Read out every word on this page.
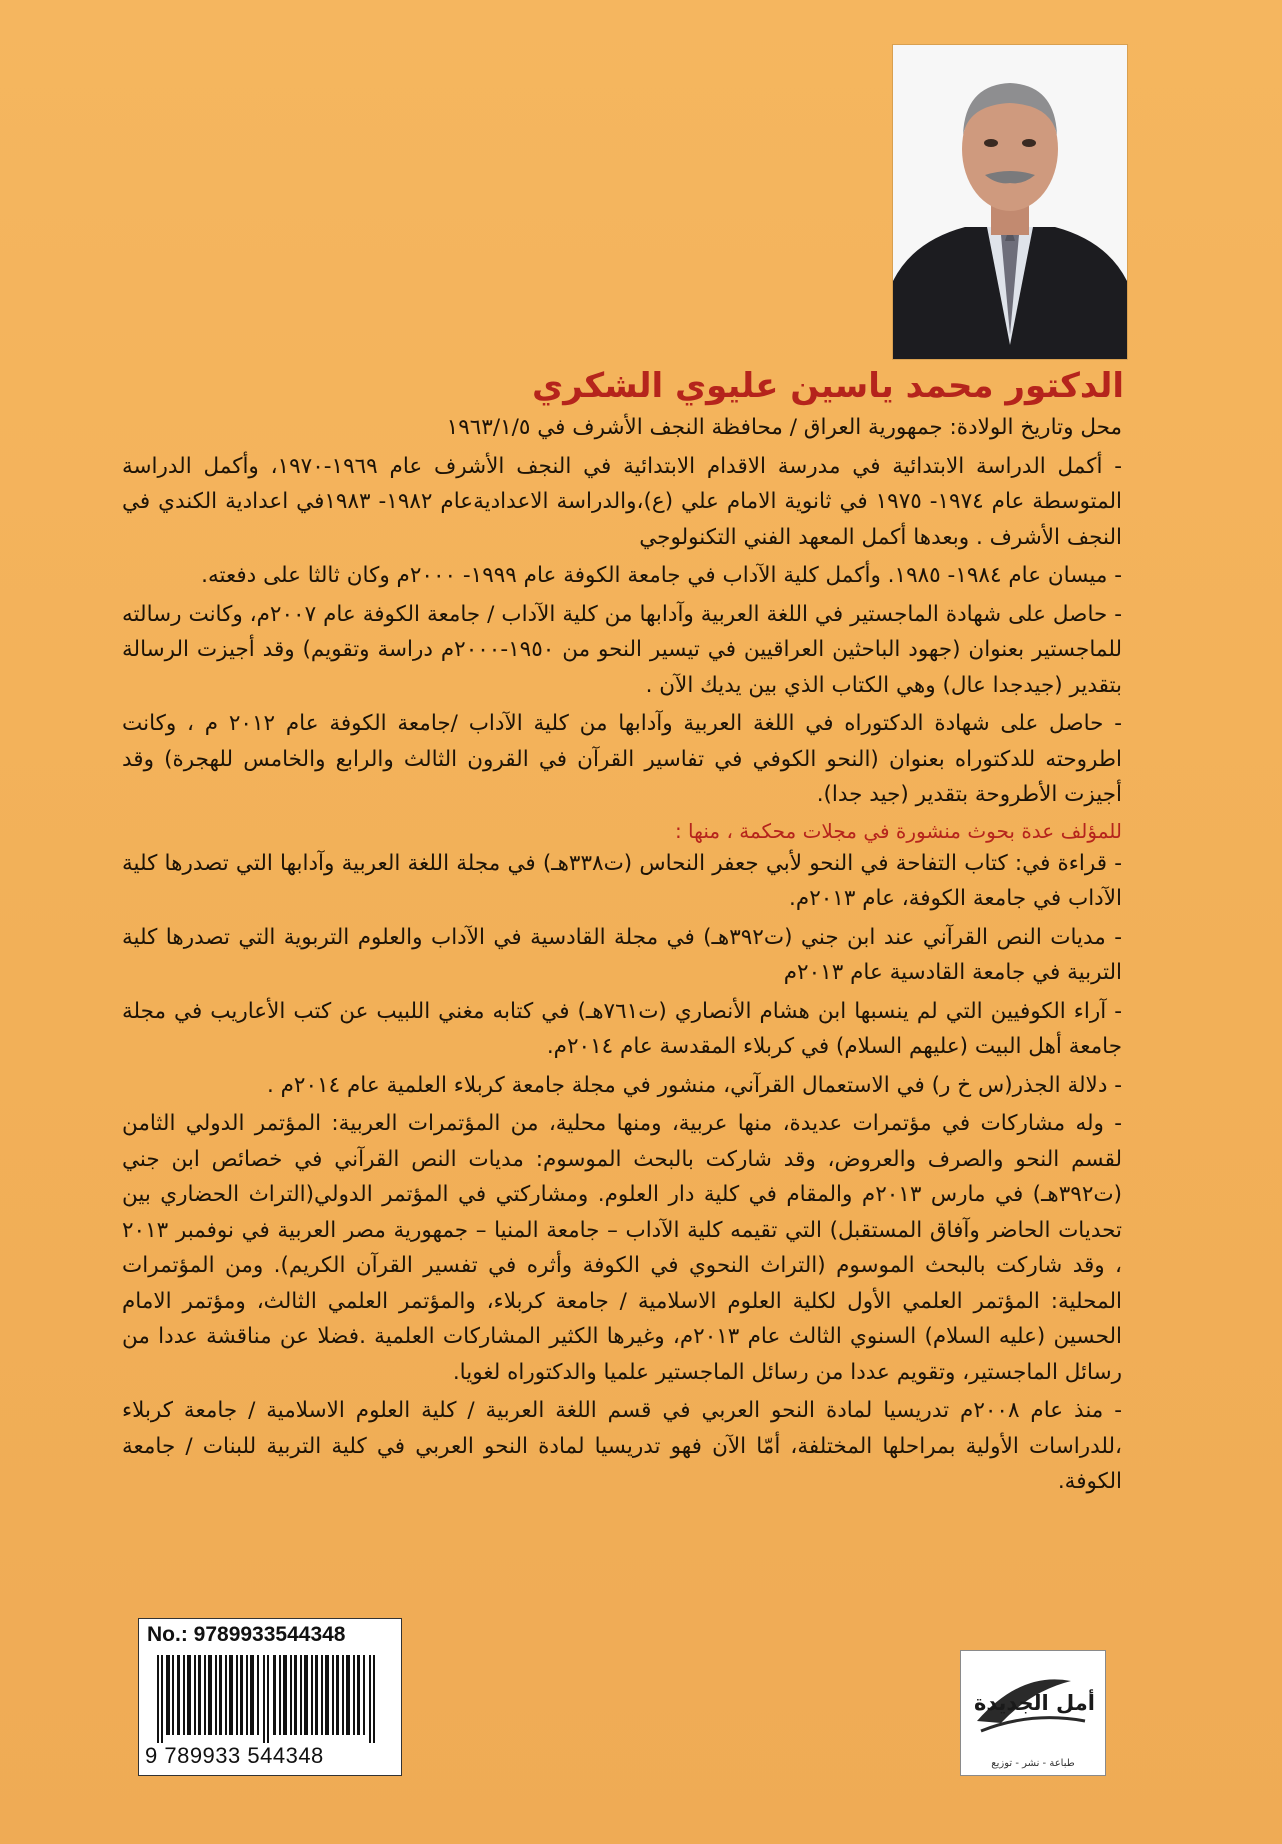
الدكتور محمد ياسين عليوي الشكري

محل وتاريخ الولادة: جمهورية العراق / محافظة النجف الأشرف في ١٩٦٣/١/٥

- أكمل الدراسة الابتدائية في مدرسة الاقدام الابتدائية في النجف الأشرف عام ١٩٦٩-١٩٧٠، وأكمل الدراسة المتوسطة عام ١٩٧٤- ١٩٧٥ في ثانوية الامام علي (ع)،والدراسة الاعداديةعام ١٩٨٢- ١٩٨٣في اعدادية الكندي في النجف الأشرف . وبعدها أكمل المعهد الفني التكنولوجي

- ميسان عام ١٩٨٤- ١٩٨٥. وأكمل كلية الآداب في جامعة الكوفة عام ١٩٩٩- ٢٠٠٠م وكان ثالثا على دفعته.

- حاصل على شهادة الماجستير في اللغة العربية وآدابها من كلية الآداب / جامعة الكوفة عام ٢٠٠٧م، وكانت رسالته للماجستير بعنوان (جهود الباحثين العراقيين في تيسير النحو من ١٩٥٠-٢٠٠٠م دراسة وتقويم) وقد أجيزت الرسالة بتقدير (جيدجدا عال) وهي الكتاب الذي بين يديك الآن .

- حاصل على شهادة الدكتوراه في اللغة العربية وآدابها من كلية الآداب /جامعة الكوفة عام ٢٠١٢ م ، وكانت اطروحته للدكتوراه بعنوان (النحو الكوفي في تفاسير القرآن في القرون الثالث والرابع والخامس للهجرة) وقد أجيزت الأطروحة بتقدير (جيد جدا).

للمؤلف عدة بحوث منشورة في مجلات محكمة ، منها :

- قراءة في: كتاب التفاحة في النحو لأبي جعفر النحاس (ت٣٣٨هـ) في مجلة اللغة العربية وآدابها التي تصدرها كلية الآداب في جامعة الكوفة، عام ٢٠١٣م.

- مديات النص القرآني عند ابن جني (ت٣٩٢هـ) في مجلة القادسية في الآداب والعلوم التربوية التي تصدرها كلية التربية في جامعة القادسية عام ٢٠١٣م

- آراء الكوفيين التي لم ينسبها ابن هشام الأنصاري (ت٧٦١هـ) في كتابه مغني اللبيب عن كتب الأعاريب في مجلة جامعة أهل البيت (عليهم السلام) في كربلاء المقدسة عام ٢٠١٤م.

- دلالة الجذر(س خ ر) في الاستعمال القرآني، منشور في مجلة جامعة كربلاء العلمية عام ٢٠١٤م .

- وله مشاركات في مؤتمرات عديدة، منها عربية، ومنها محلية، من المؤتمرات العربية: المؤتمر الدولي الثامن لقسم النحو والصرف والعروض، وقد شاركت بالبحث الموسوم: مديات النص القرآني في خصائص ابن جني (ت٣٩٢هـ) في مارس ٢٠١٣م والمقام في كلية دار العلوم. ومشاركتي في المؤتمر الدولي(التراث الحضاري بين تحديات الحاضر وآفاق المستقبل) التي تقيمه كلية الآداب – جامعة المنيا – جمهورية مصر العربية في نوفمبر ٢٠١٣ ، وقد شاركت بالبحث الموسوم (التراث النحوي في الكوفة وأثره في تفسير القرآن الكريم). ومن المؤتمرات المحلية: المؤتمر العلمي الأول لكلية العلوم الاسلامية / جامعة كربلاء، والمؤتمر العلمي الثالث، ومؤتمر الامام الحسين (عليه السلام) السنوي الثالث عام ٢٠١٣م، وغيرها الكثير المشاركات العلمية .فضلا عن مناقشة عددا من رسائل الماجستير، وتقويم عددا من رسائل الماجستير علميا والدكتوراه لغويا.

- منذ عام ٢٠٠٨م تدريسيا لمادة النحو العربي في قسم اللغة العربية / كلية العلوم الاسلامية / جامعة كربلاء ،للدراسات الأولية بمراحلها المختلفة، أمّا الآن فهو تدريسيا لمادة النحو العربي في كلية التربية للبنات / جامعة الكوفة.

No.: 9789933544348
9 789933 544348
أمل الجديدة
طباعة - نشر - توزيع
